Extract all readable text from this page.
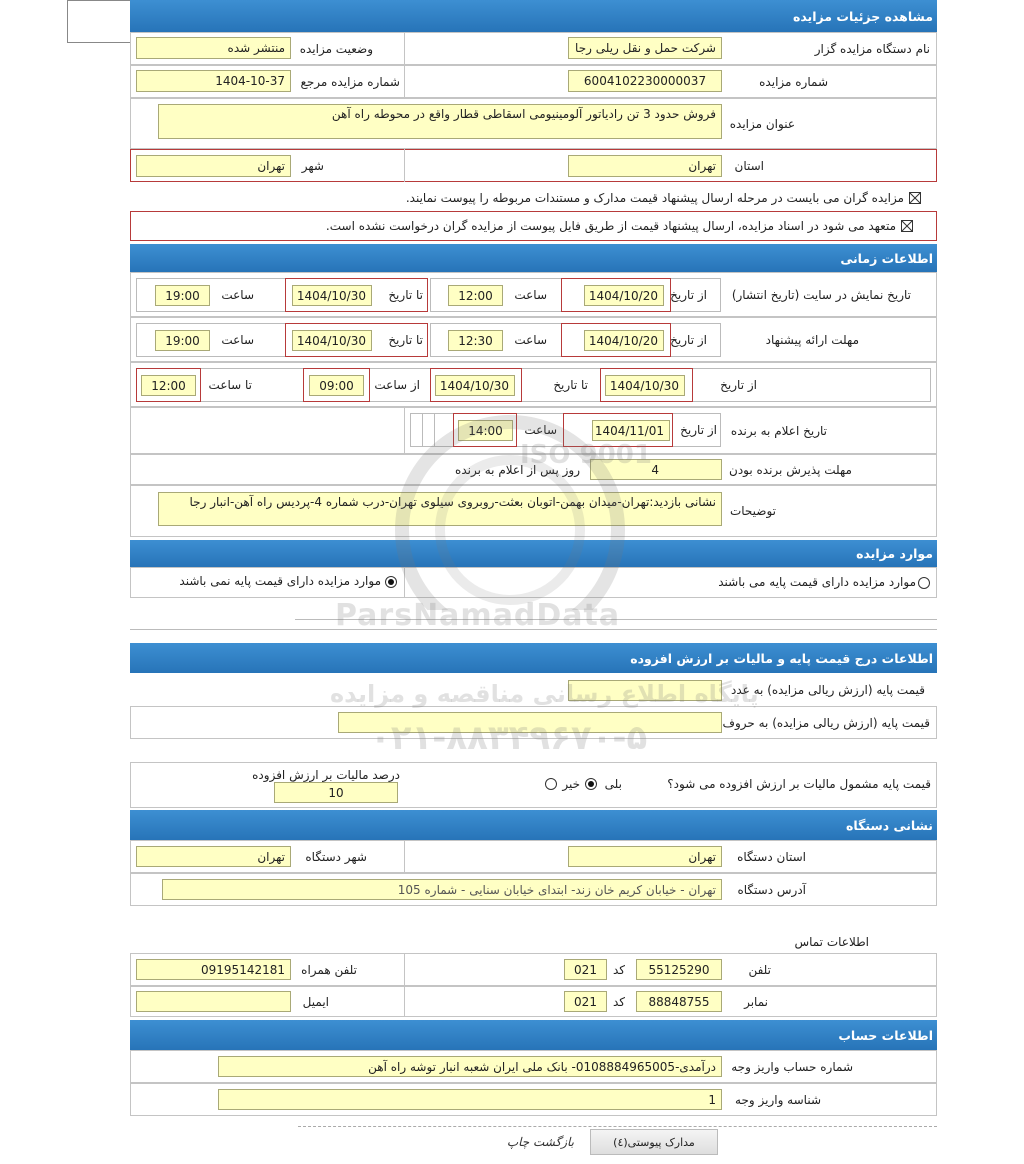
مشاهده جزئیات مزایده
نام دستگاه مزایده گزار
شرکت حمل و نقل ریلی رجا
وضعیت مزایده
منتشر شده
شماره مزایده
6004102230000037
شماره مزایده مرجع
1404-10-37
عنوان مزایده
فروش حدود 3 تن رادیاتور آلومینیومی اسقاطی قطار واقع در محوطه راه آهن
استان
تهران
شهر
تهران
مزایده گران می بایست در مرحله ارسال پیشنهاد قیمت مدارک و مستندات مربوطه را پیوست نمایند.
متعهد می شود در اسناد مزایده، ارسال پیشنهاد قیمت از طریق فایل پیوست از مزایده گران درخواست نشده است.
اطلاعات زمانی
تاریخ نمایش در سایت (تاریخ انتشار)
از تاریخ
1404/10/20
ساعت
12:00
تا تاریخ
1404/10/30
ساعت
19:00
مهلت ارائه پیشنهاد
از تاریخ
1404/10/20
ساعت
12:30
تا تاریخ
1404/10/30
ساعت
19:00
از تاریخ
1404/10/30
تا تاریخ
1404/10/30
از ساعت
09:00
تا ساعت
12:00
تاریخ اعلام به برنده
از تاریخ
1404/11/01
ساعت
14:00
مهلت پذیرش برنده بودن
4
روز پس از اعلام به برنده
توضیحات
نشانی بازدید:تهران-میدان بهمن-اتوبان بعثت-روبروی سیلوی تهران-درب شماره 4-پردیس راه آهن-انبار رجا
موارد مزایده
موارد مزایده دارای قیمت پایه می باشند
موارد مزایده دارای قیمت پایه نمی باشند
اطلاعات درج قیمت پایه و مالیات بر ارزش افزوده
قیمت پایه (ارزش ریالی مزایده) به عدد
قیمت پایه (ارزش ریالی مزایده) به حروف
قیمت پایه مشمول مالیات بر ارزش افزوده می شود؟
بلی
خیر
درصد مالیات بر ارزش افزوده
10
نشانی دستگاه
استان دستگاه
تهران
شهر دستگاه
تهران
آدرس دستگاه
تهران - خیابان کریم خان زند- ابتدای خیابان سنایی - شماره 105
اطلاعات تماس
تلفن
55125290
کد
021
تلفن همراه
09195142181
نمابر
88848755
کد
021
ایمیل
اطلاعات حساب
شماره حساب واریز وجه
درآمدی-0108884965005- بانک ملی ایران شعبه انبار توشه راه آهن
شناسه واریز وجه
1
مدارک پیوستی(٤)
بازگشت چاپ
ISO 9001
ParsNamadData
پایگاه اطلاع رسانی مناقصه و مزایده
۰۲۱-۸۸۳۴۹۶۷۰-۵
